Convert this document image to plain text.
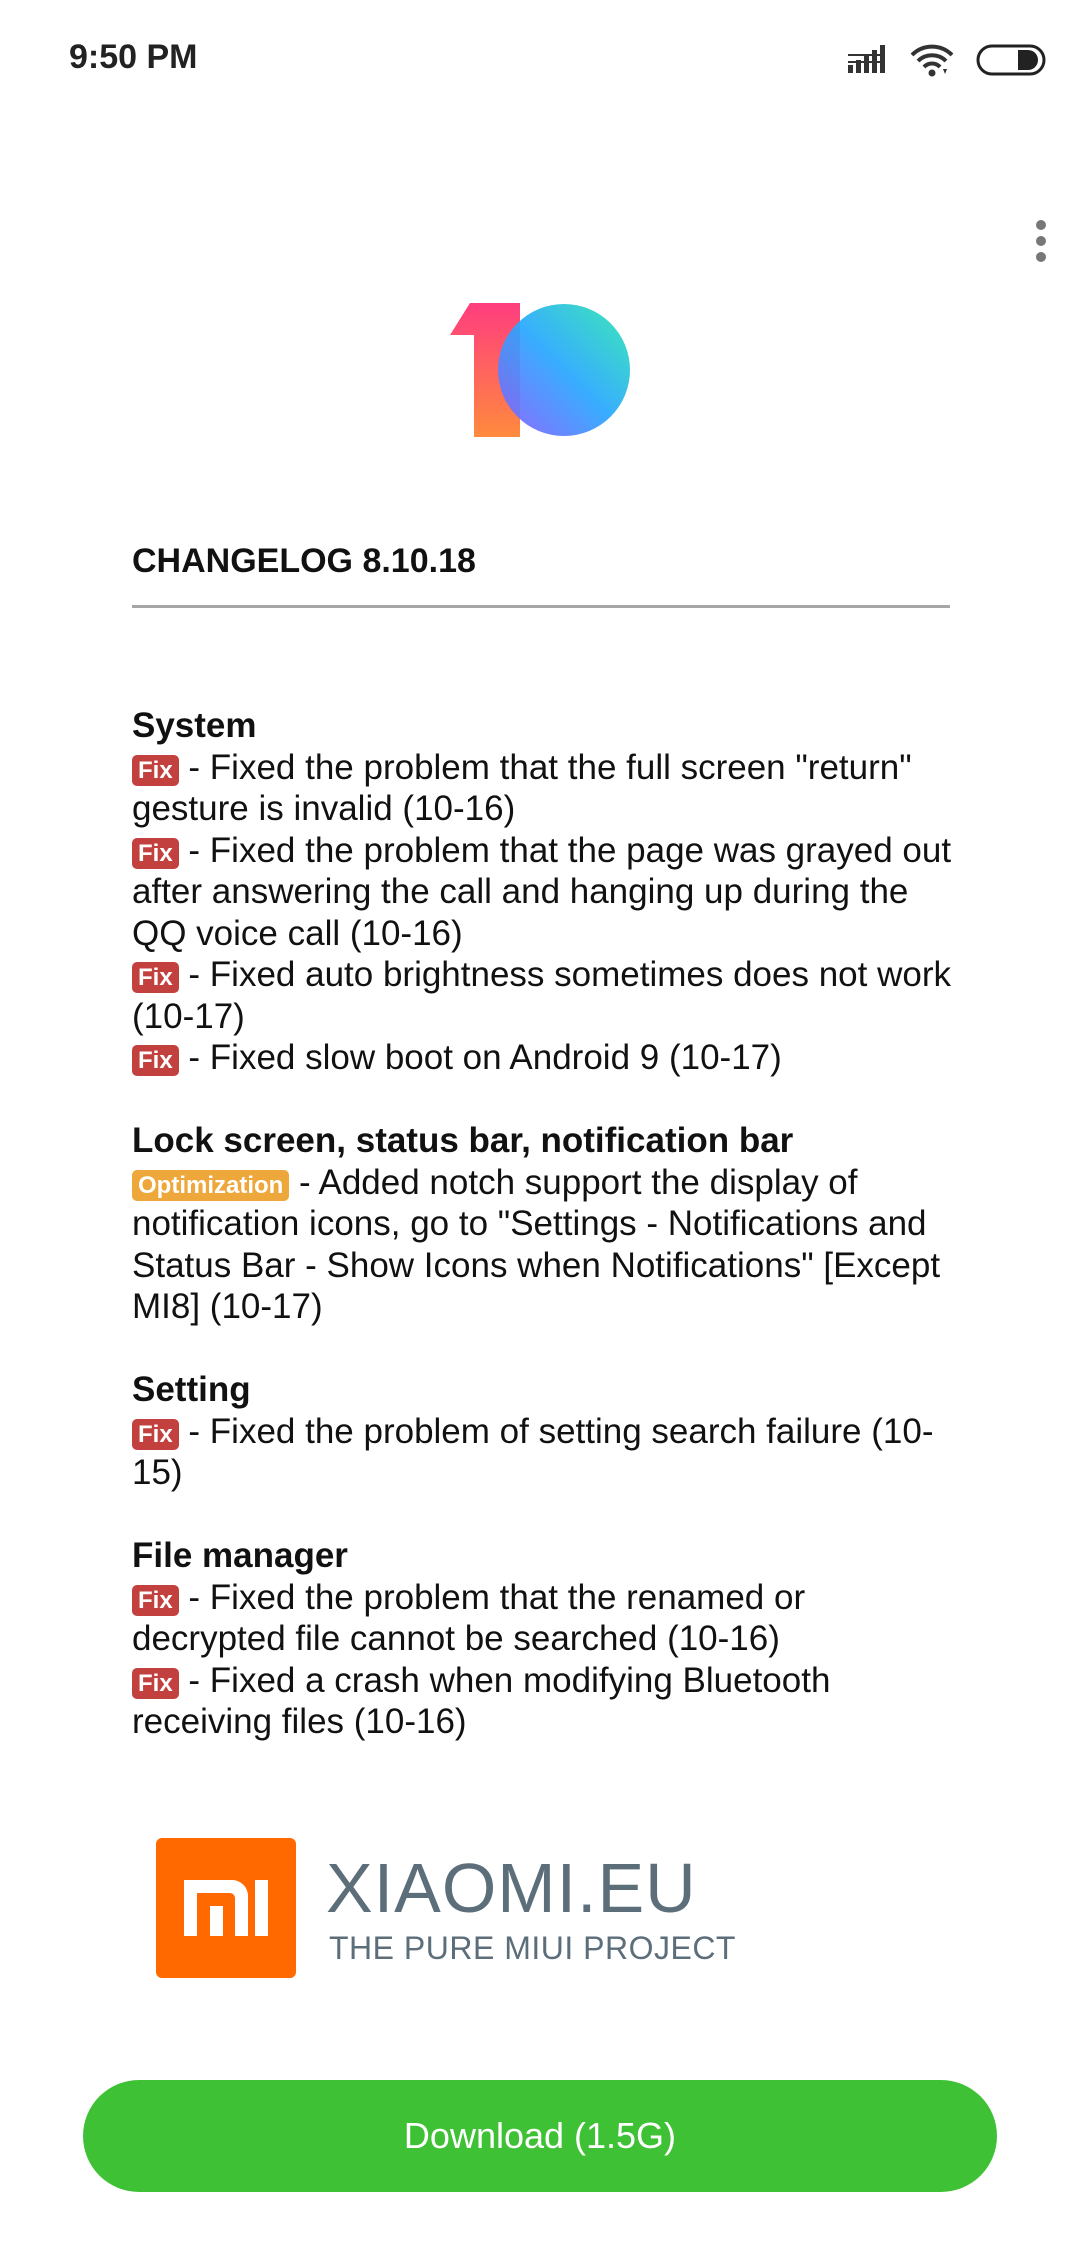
9:50 PM
CHANGELOG 8.10.18
System
Fix - Fixed the problem that the full screen "return" gesture is invalid (10-16)
Fix - Fixed the problem that the page was grayed out after answering the call and hanging up during the QQ voice call (10-16)
Fix - Fixed auto brightness sometimes does not work (10-17)
Fix - Fixed slow boot on Android 9 (10-17)
Lock screen, status bar, notification bar
Optimization - Added notch support the display of notification icons, go to "Settings - Notifications and Status Bar - Show Icons when Notifications" [Except MI8] (10-17)
Setting
Fix - Fixed the problem of setting search failure (10-15)
File manager
Fix - Fixed the problem that the renamed or decrypted file cannot be searched (10-16)
Fix - Fixed a crash when modifying Bluetooth receiving files (10-16)
XIAOMI.EU
THE PURE MIUI PROJECT
Download (1.5G)
